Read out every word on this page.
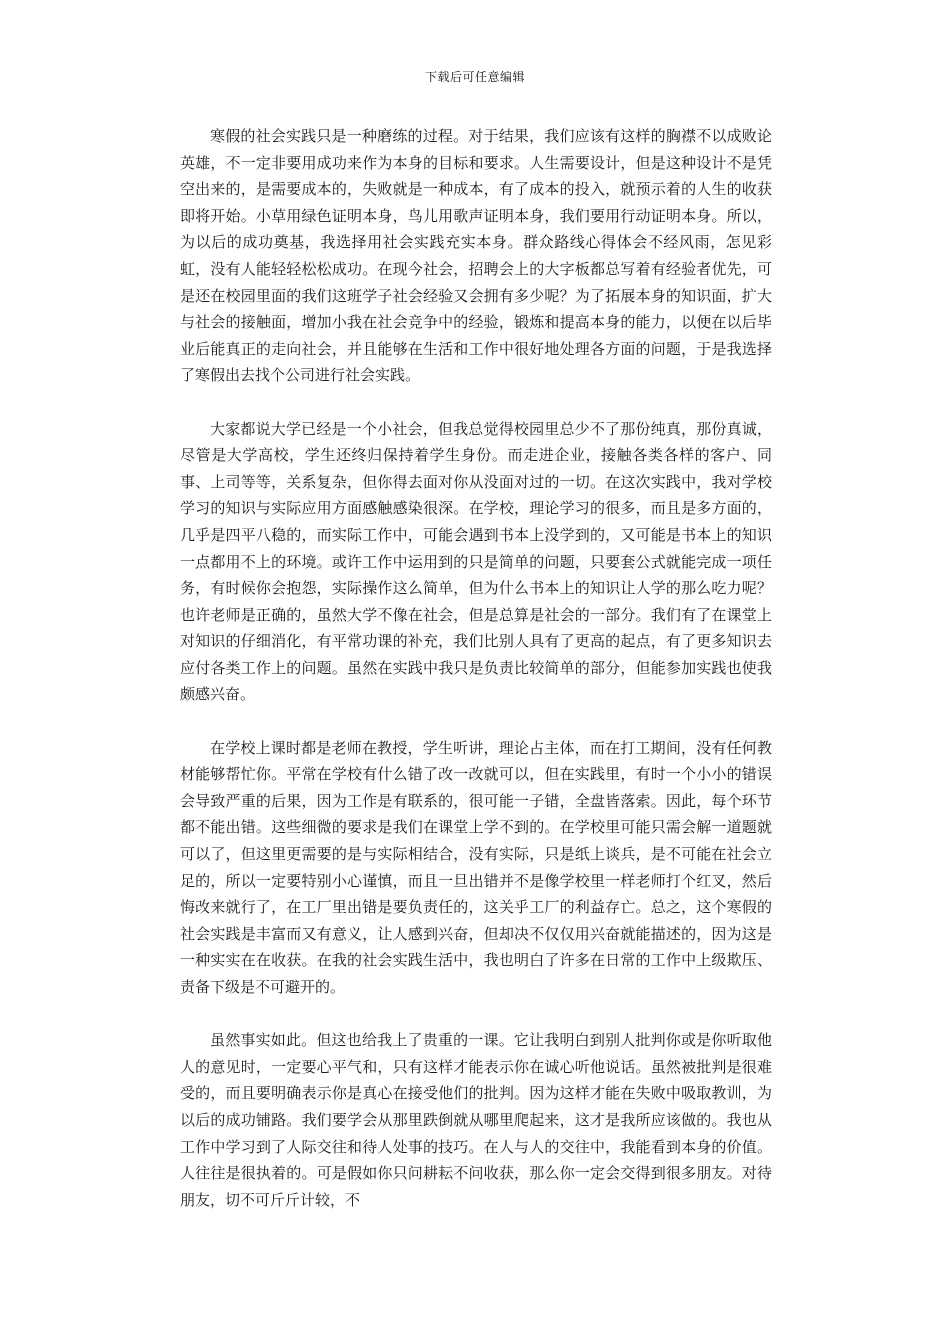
下载后可任意编辑

寒假的社会实践只是一种磨练的过程。对于结果，我们应该有这样的胸襟不以成败论英雄，不一定非要用成功来作为本身的目标和要求。人生需要设计，但是这种设计不是凭空出来的，是需要成本的，失败就是一种成本，有了成本的投入，就预示着的人生的收获即将开始。小草用绿色证明本身，鸟儿用歌声证明本身，我们要用行动证明本身。所以，为以后的成功奠基，我选择用社会实践充实本身。群众路线心得体会不经风雨，怎见彩虹，没有人能轻轻松松成功。在现今社会，招聘会上的大字板都总写着有经验者优先，可是还在校园里面的我们这班学子社会经验又会拥有多少呢？为了拓展本身的知识面，扩大与社会的接触面，增加小我在社会竞争中的经验，锻炼和提高本身的能力，以便在以后毕业后能真正的走向社会，并且能够在生活和工作中很好地处理各方面的问题，于是我选择了寒假出去找个公司进行社会实践。

大家都说大学已经是一个小社会，但我总觉得校园里总少不了那份纯真，那份真诚，尽管是大学高校，学生还终归保持着学生身份。而走进企业，接触各类各样的客户、同事、上司等等，关系复杂，但你得去面对你从没面对过的一切。在这次实践中，我对学校学习的知识与实际应用方面感触感染很深。在学校，理论学习的很多，而且是多方面的，几乎是四平八稳的，而实际工作中，可能会遇到书本上没学到的，又可能是书本上的知识一点都用不上的环境。或许工作中运用到的只是简单的问题，只要套公式就能完成一项任务，有时候你会抱怨，实际操作这么简单，但为什么书本上的知识让人学的那么吃力呢？也许老师是正确的，虽然大学不像在社会，但是总算是社会的一部分。我们有了在课堂上对知识的仔细消化，有平常功课的补充，我们比别人具有了更高的起点，有了更多知识去应付各类工作上的问题。虽然在实践中我只是负责比较简单的部分，但能参加实践也使我颇感兴奋。

在学校上课时都是老师在教授，学生听讲，理论占主体，而在打工期间，没有任何教材能够帮忙你。平常在学校有什么错了改一改就可以，但在实践里，有时一个小小的错误会导致严重的后果，因为工作是有联系的，很可能一子错，全盘皆落索。因此，每个环节都不能出错。这些细微的要求是我们在课堂上学不到的。在学校里可能只需会解一道题就可以了，但这里更需要的是与实际相结合，没有实际，只是纸上谈兵，是不可能在社会立足的，所以一定要特别小心谨慎，而且一旦出错并不是像学校里一样老师打个红叉，然后悔改来就行了，在工厂里出错是要负责任的，这关乎工厂的利益存亡。总之，这个寒假的社会实践是丰富而又有意义，让人感到兴奋，但却决不仅仅用兴奋就能描述的，因为这是一种实实在在收获。在我的社会实践生活中，我也明白了许多在日常的工作中上级欺压、责备下级是不可避开的。

虽然事实如此。但这也给我上了贵重的一课。它让我明白到别人批判你或是你听取他人的意见时，一定要心平气和，只有这样才能表示你在诚心听他说话。虽然被批判是很难受的，而且要明确表示你是真心在接受他们的批判。因为这样才能在失败中吸取教训，为以后的成功铺路。我们要学会从那里跌倒就从哪里爬起来，这才是我所应该做的。我也从工作中学习到了人际交往和待人处事的技巧。在人与人的交往中，我能看到本身的价值。人往往是很执着的。可是假如你只问耕耘不问收获，那么你一定会交得到很多朋友。对待朋友，切不可斤斤计较，不
